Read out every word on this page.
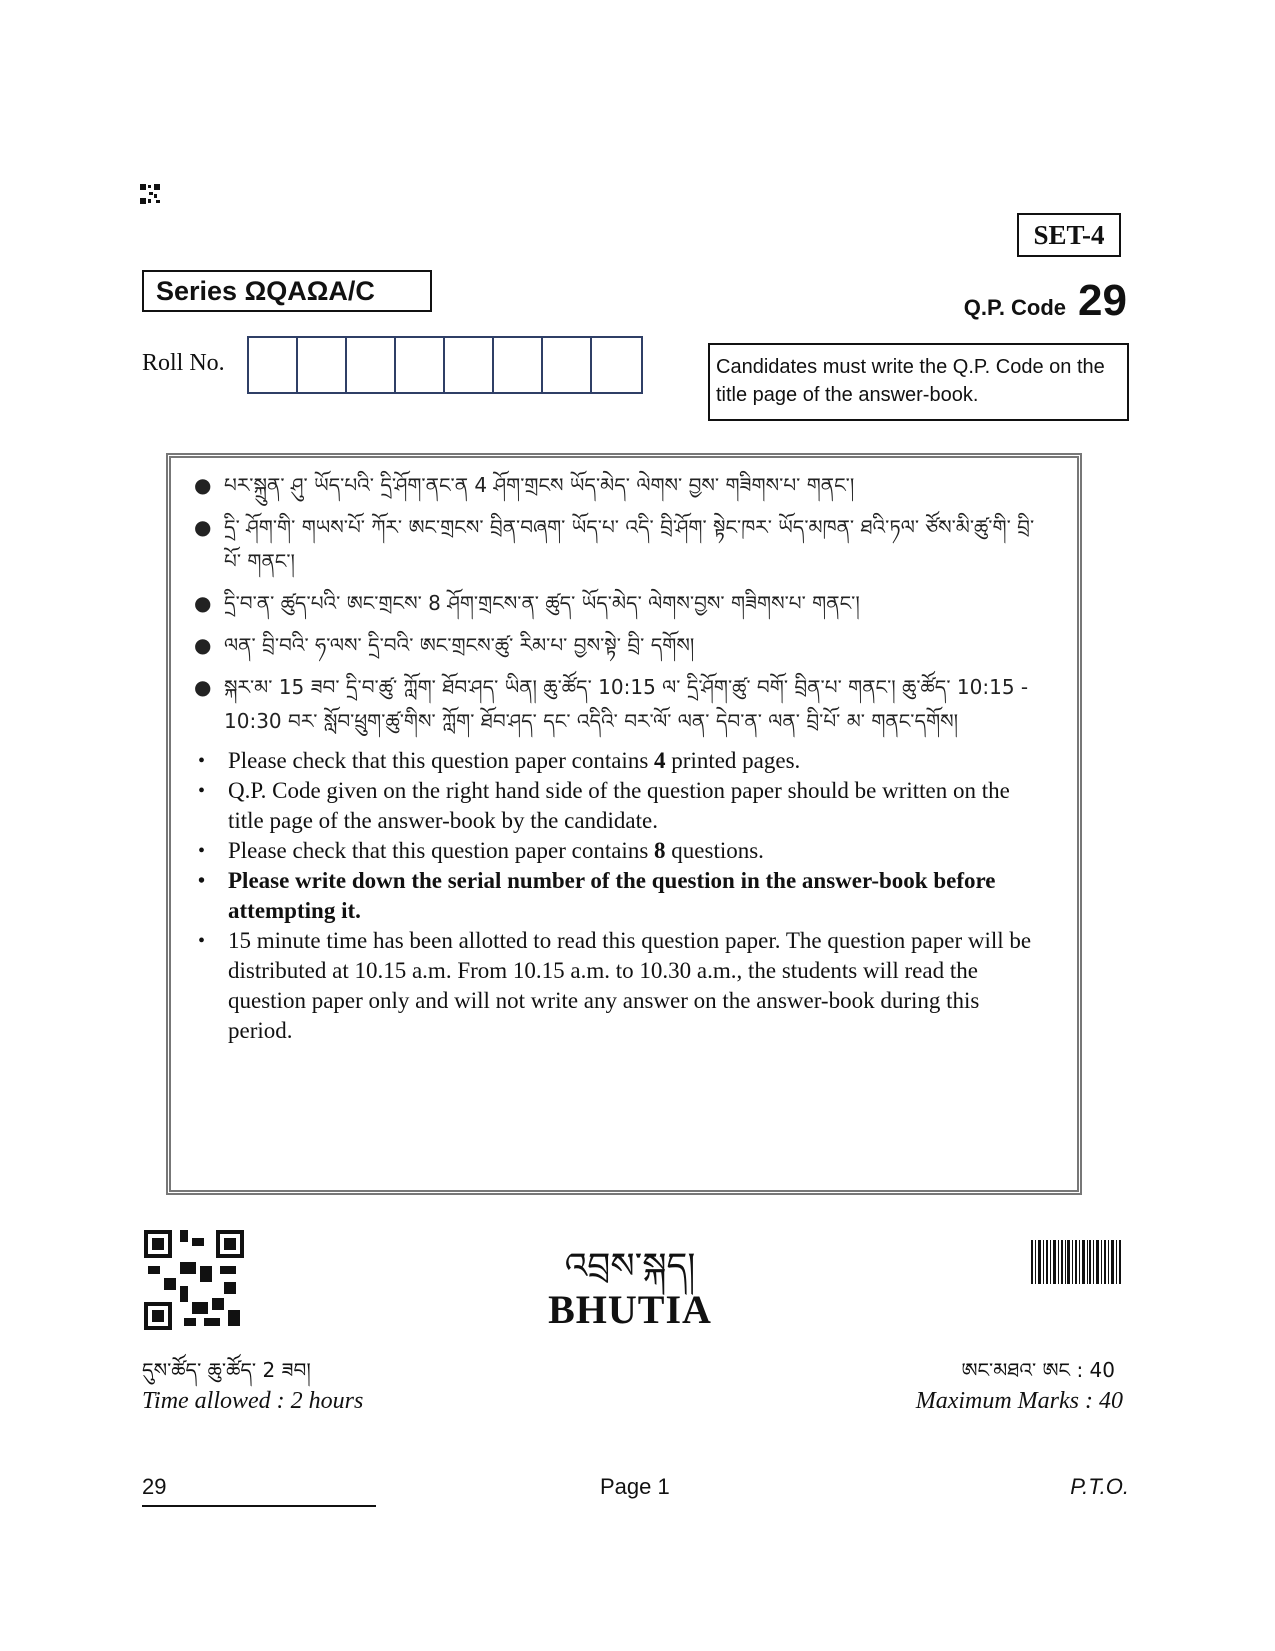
SET-4
Series ΩQAΩA/C
Q.P. Code 29
Roll No.	Candidates must write the Q.P. Code on the title page of the answer-book.
● པར་སྐྲུན་ ཤུ་ ཡོད་པའི་ དྲི་ཤོག་ནང་ན 4 ཤོག་གྲངས ཡོད་མེད་ ལེགས་ བྱས་ གཟིགས་པ་ གནང་།
● དྲི་ ཤོག་གི་ གཡས་པོ་ ཀོར་ ཨང་གྲངས་ བྲིན་བཞག་ ཡོད་པ་ འདི་ བྲི་ཤོག་ སྟེང་ཁར་ ཡོད་མཁན་ ཐའི་ཏལ་ ཙོས་མི་ཚུ་གི་ བྲི་པོ་ གནང་།
● དྲི་བ་ན་ ཚུད་པའི་ ཨང་གྲངས་ 8 ཤོག་གྲངས་ན་ ཚུད་ ཡོད་མེད་ ལེགས་བྱས་ གཟིགས་པ་ གནང་།
● ལན་ བྲི་བའི་ ཧ་ལས་ དྲི་བའི་ ཨང་གྲངས་ཚུ་ རིམ་པ་ བྱས་སྟེ་ བྲི་ དགོས།
● སྐར་མ་ 15 ཟབ་ དྲི་བ་ཚུ་ ཀློག་ ཐོབ་ཤད་ ཡིན། ཆུ་ཚོད་ 10:15 ལ་ དྲི་ཤོག་ཚུ་ བགོ་ བྲིན་པ་ གནང་། ཆུ་ཚོད་ 10:15 - 10:30 བར་ སློབ་ཕྲུག་ཚུ་གིས་ ཀློག་ ཐོབ་ཤད་ དང་ འདིའི་ བར་ལོ་ ལན་ དེབ་ན་ ལན་ བྲི་པོ་ མ་ གནང་དགོས།
• Please check that this question paper contains 4 printed pages.
• Q.P. Code given on the right hand side of the question paper should be written on the title page of the answer-book by the candidate.
• Please check that this question paper contains 8 questions.
• Please write down the serial number of the question in the answer-book before attempting it.
• 15 minute time has been allotted to read this question paper. The question paper will be distributed at 10.15 a.m. From 10.15 a.m. to 10.30 a.m., the students will read the question paper only and will not write any answer on the answer-book during this period.
འབྲས་སྐད།
BHUTIA
དུས་ཚོད་ ཆུ་ཚོད་ 2 ཟབ།
Time allowed : 2 hours
ཨང་མཐའ་ ཨང : 40
Maximum Marks : 40
29	Page 1	P.T.O.
